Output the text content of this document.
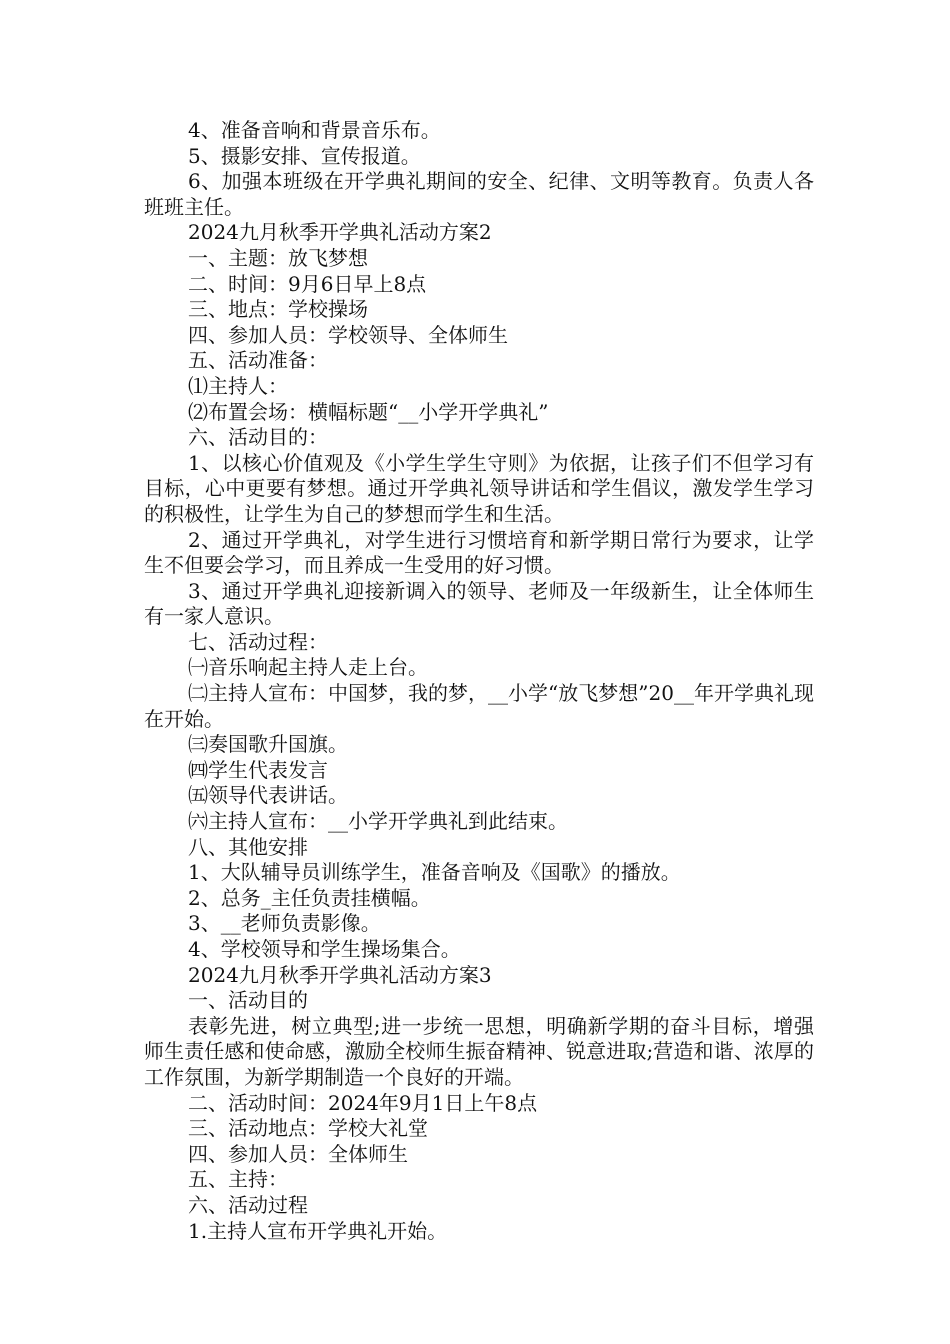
4、准备音响和背景音乐布。

5、摄影安排、宣传报道。

6、加强本班级在开学典礼期间的安全、纪律、文明等教育。负责人各班班主任。

2024九月秋季开学典礼活动方案2

一、主题：放飞梦想

二、时间：9月6日早上8点

三、地点：学校操场

四、参加人员：学校领导、全体师生

五、活动准备：

⑴主持人：

⑵布置会场：横幅标题“__小学开学典礼”

六、活动目的：

1、以核心价值观及《小学生学生守则》为依据，让孩子们不但学习有目标，心中更要有梦想。通过开学典礼领导讲话和学生倡议，激发学生学习的积极性，让学生为自己的梦想而学生和生活。

2、通过开学典礼，对学生进行习惯培育和新学期日常行为要求，让学生不但要会学习，而且养成一生受用的好习惯。

3、通过开学典礼迎接新调入的领导、老师及一年级新生，让全体师生有一家人意识。

七、活动过程：

㈠音乐响起主持人走上台。

㈡主持人宣布：中国梦，我的梦，__小学“放飞梦想”20__年开学典礼现在开始。

㈢奏国歌升国旗。

㈣学生代表发言

㈤领导代表讲话。

㈥主持人宣布：__小学开学典礼到此结束。

八、其他安排

1、大队辅导员训练学生，准备音响及《国歌》的播放。

2、总务_主任负责挂横幅。

3、__老师负责影像。

4、学校领导和学生操场集合。

2024九月秋季开学典礼活动方案3

一、活动目的

表彰先进，树立典型;进一步统一思想，明确新学期的奋斗目标，增强师生责任感和使命感，激励全校师生振奋精神、锐意进取;营造和谐、浓厚的工作氛围，为新学期制造一个良好的开端。

二、活动时间：2024年9月1日上午8点

三、活动地点：学校大礼堂

四、参加人员：全体师生

五、主持：

六、活动过程

1.主持人宣布开学典礼开始。
